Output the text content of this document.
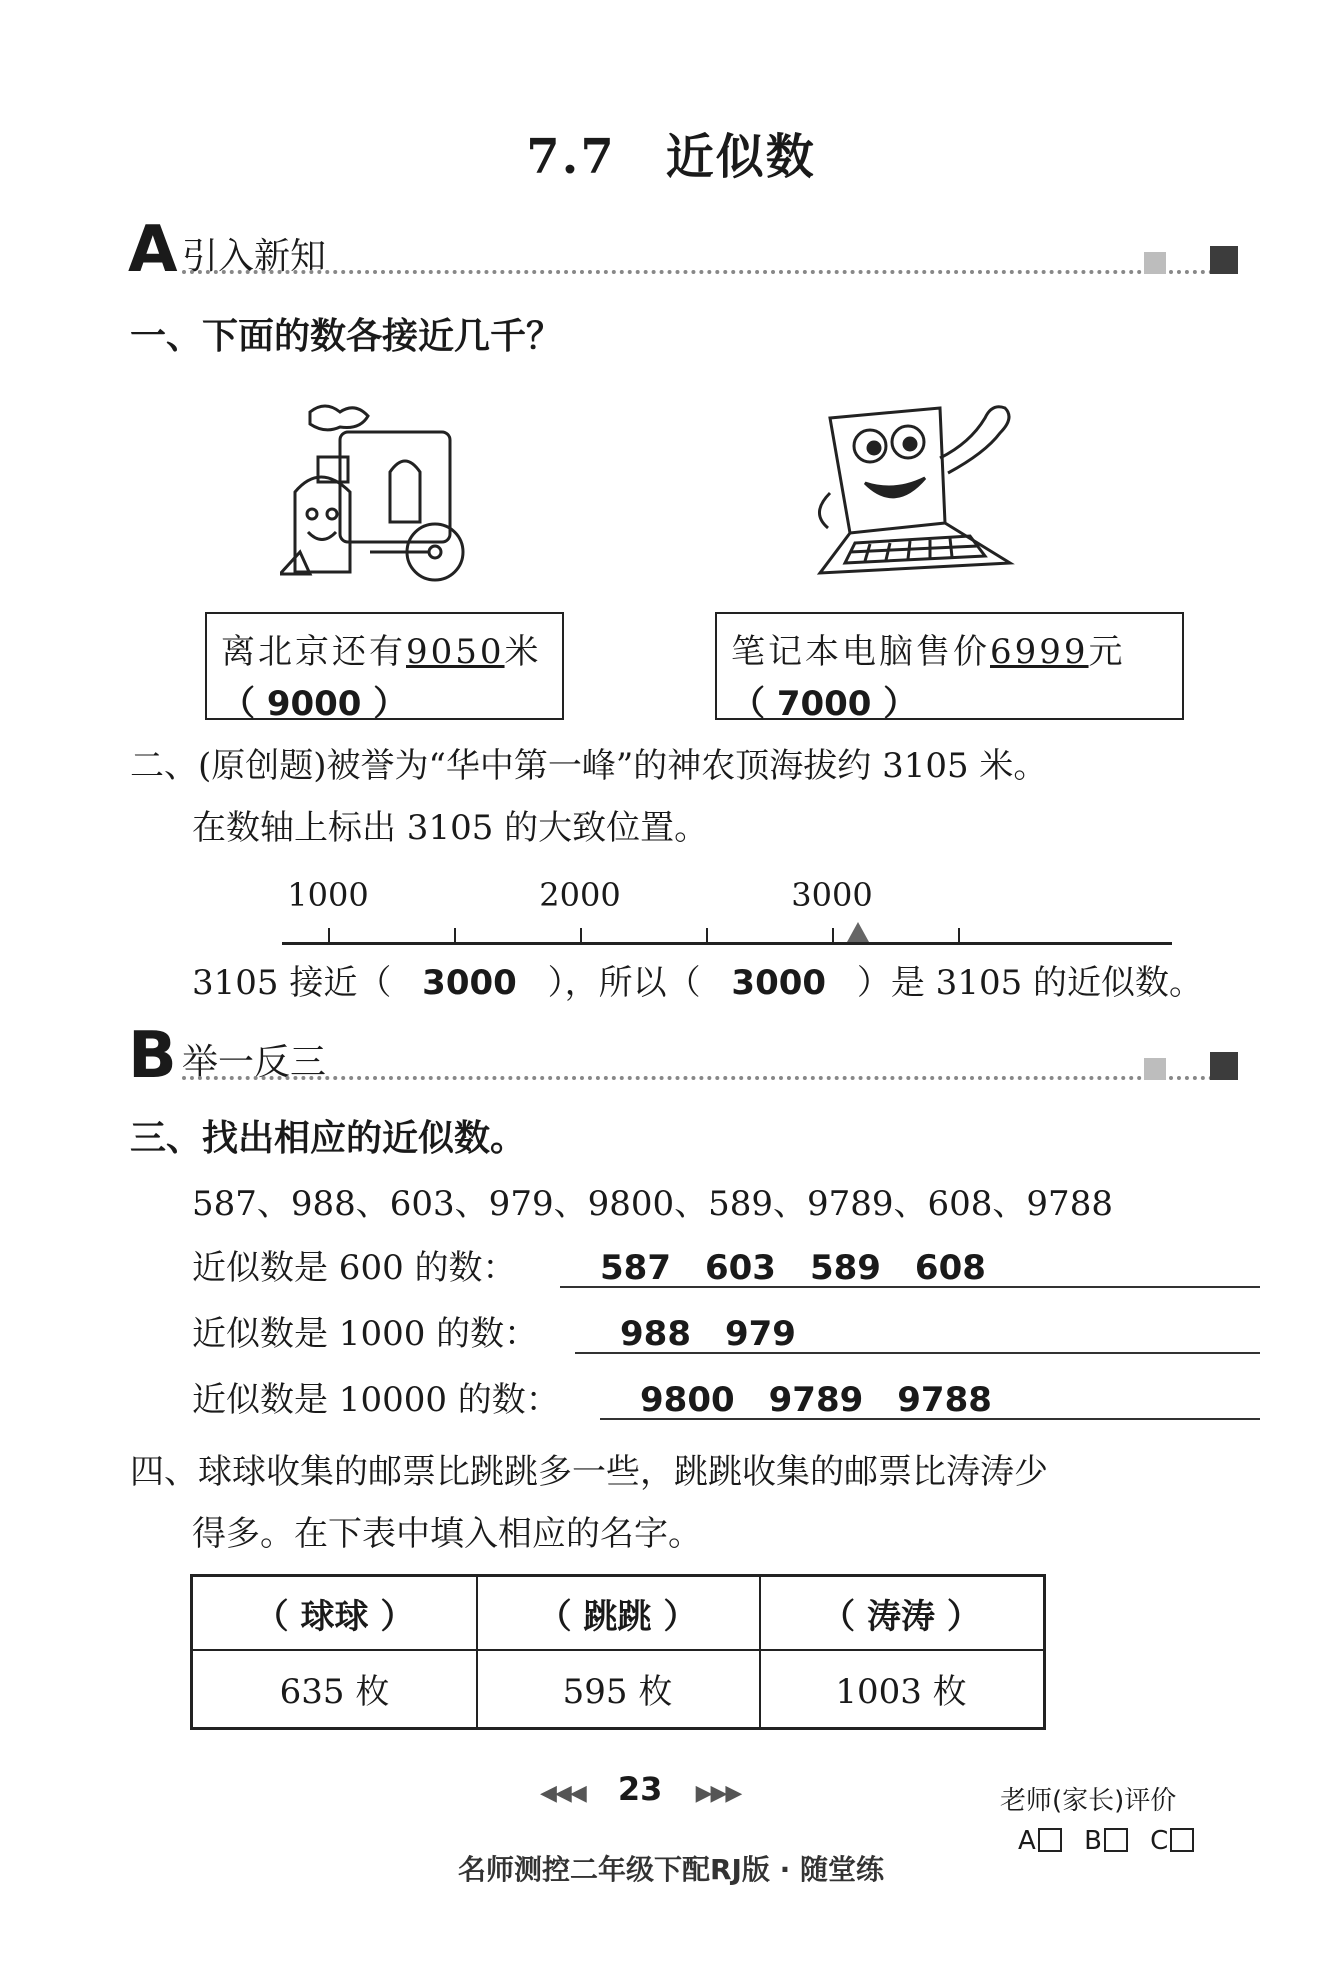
7.7　近似数
A 引入新知
一、下面的数各接近几千？
离北京还有9050米
（ 9000 ）
笔记本电脑售价6999元
（ 7000 ）
二、(原创题)被誉为“华中第一峰”的神农顶海拔约 3105 米。
在数轴上标出 3105 的大致位置。
1000	2000	3000
3105 接近（ 3000 ），所以（ 3000 ）是 3105 的近似数。
B 举一反三
三、找出相应的近似数。
587、988、603、979、9800、589、9789、608、9788
近似数是 600 的数： 587　603　589　608
近似数是 1000 的数： 988　979
近似数是 10000 的数： 9800　9789　9788
四、球球收集的邮票比跳跳多一些，跳跳收集的邮票比涛涛少
得多。在下表中填入相应的名字。
（ 球球 ）	（ 跳跳 ）	（ 涛涛 ）
635 枚	595 枚	1003 枚
◀◀◀ 23 ▶▶▶	老师(家长)评价
A B C
名师测控二年级下配RJ版 · 随堂练
